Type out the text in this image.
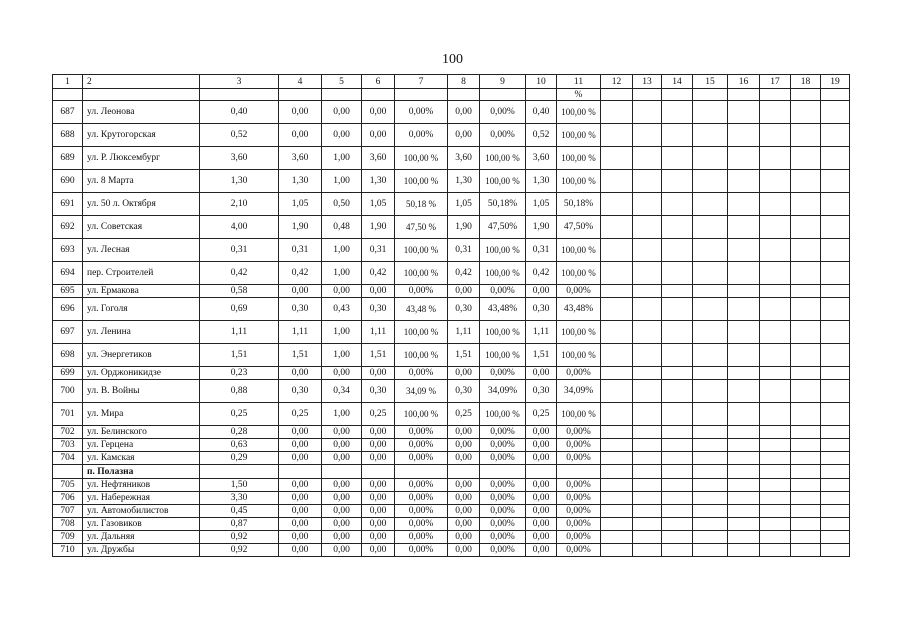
100
1	2	3	4	5	6	7	8	9	10	11	12	13	14	15	16	17	18	19
										%								
687	ул. Леонова	0,40	0,00	0,00	0,00	0,00%	0,00	0,00%	0,40	100,00 %								
688	ул. Крутогорская	0,52	0,00	0,00	0,00	0,00%	0,00	0,00%	0,52	100,00 %								
689	ул. Р. Люксембург	3,60	3,60	1,00	3,60	100,00 %	3,60	100,00 %	3,60	100,00 %								
690	ул. 8 Марта	1,30	1,30	1,00	1,30	100,00 %	1,30	100,00 %	1,30	100,00 %								
691	ул. 50 л. Октября	2,10	1,05	0,50	1,05	50,18 %	1,05	50,18%	1,05	50,18%								
692	ул. Советская	4,00	1,90	0,48	1,90	47,50 %	1,90	47,50%	1,90	47,50%								
693	ул. Лесная	0,31	0,31	1,00	0,31	100,00 %	0,31	100,00 %	0,31	100,00 %								
694	пер. Строителей	0,42	0,42	1,00	0,42	100,00 %	0,42	100,00 %	0,42	100,00 %								
695	ул. Ермакова	0,58	0,00	0,00	0,00	0,00%	0,00	0,00%	0,00	0,00%								
696	ул. Гоголя	0,69	0,30	0,43	0,30	43,48 %	0,30	43,48%	0,30	43,48%								
697	ул. Ленина	1,11	1,11	1,00	1,11	100,00 %	1,11	100,00 %	1,11	100,00 %								
698	ул. Энергетиков	1,51	1,51	1,00	1,51	100,00 %	1,51	100,00 %	1,51	100,00 %								
699	ул. Орджоникидзе	0,23	0,00	0,00	0,00	0,00%	0,00	0,00%	0,00	0,00%								
700	ул. В. Войны	0,88	0,30	0,34	0,30	34,09 %	0,30	34,09%	0,30	34,09%								
701	ул. Мира	0,25	0,25	1,00	0,25	100,00 %	0,25	100,00 %	0,25	100,00 %								
702	ул. Белинского	0,28	0,00	0,00	0,00	0,00%	0,00	0,00%	0,00	0,00%								
703	ул. Герцена	0,63	0,00	0,00	0,00	0,00%	0,00	0,00%	0,00	0,00%								
704	ул. Камская	0,29	0,00	0,00	0,00	0,00%	0,00	0,00%	0,00	0,00%								
	п. Полазна																	
705	ул. Нефтяников	1,50	0,00	0,00	0,00	0,00%	0,00	0,00%	0,00	0,00%								
706	ул. Набережная	3,30	0,00	0,00	0,00	0,00%	0,00	0,00%	0,00	0,00%								
707	ул. Автомобилистов	0,45	0,00	0,00	0,00	0,00%	0,00	0,00%	0,00	0,00%								
708	ул. Газовиков	0,87	0,00	0,00	0,00	0,00%	0,00	0,00%	0,00	0,00%								
709	ул. Дальняя	0,92	0,00	0,00	0,00	0,00%	0,00	0,00%	0,00	0,00%								
710	ул. Дружбы	0,92	0,00	0,00	0,00	0,00%	0,00	0,00%	0,00	0,00%								
